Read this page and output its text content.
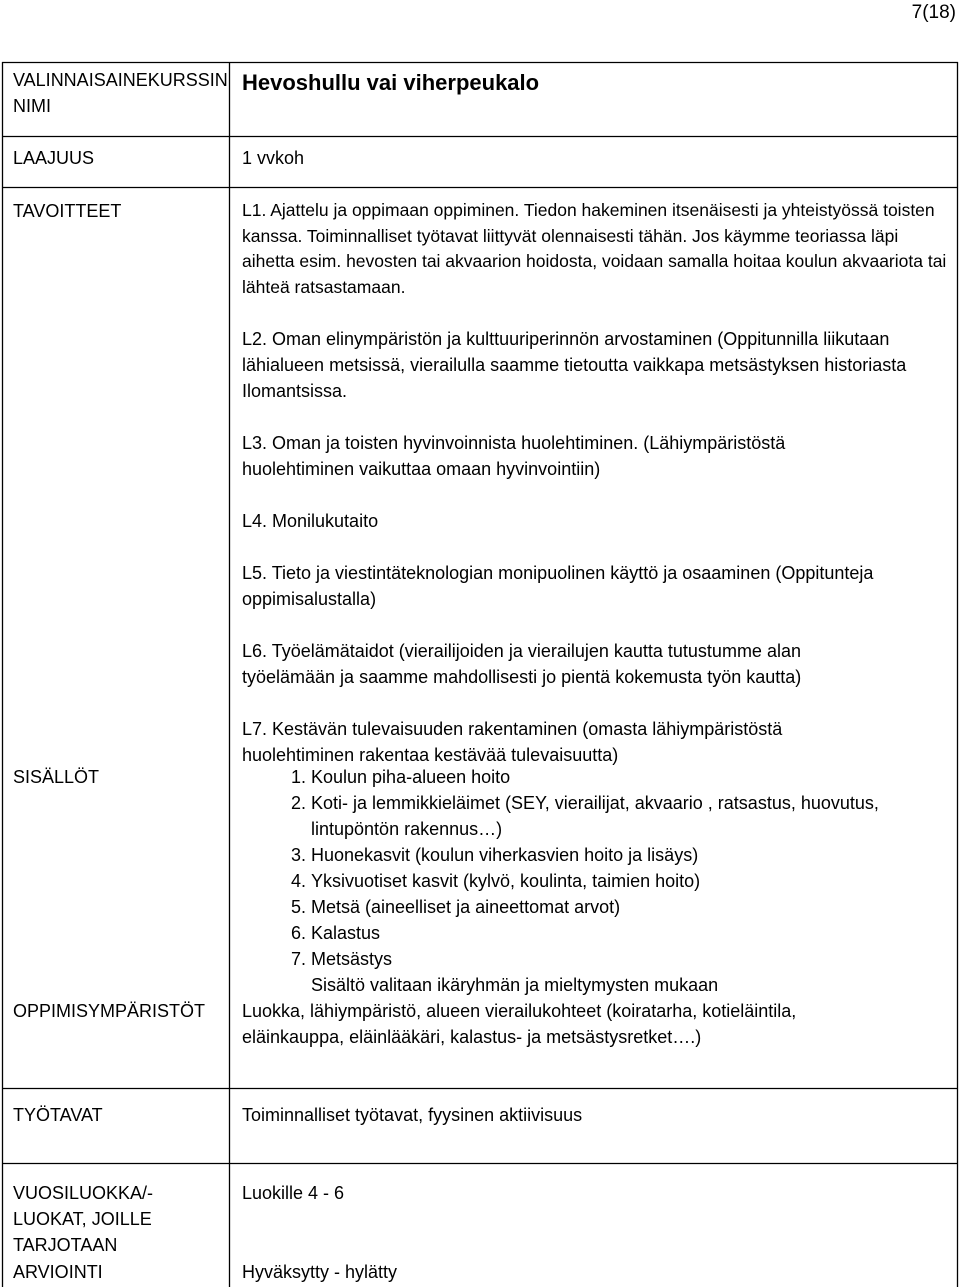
7(18)
VALINNAISAINEKURSSIN NIMI
Hevoshullu vai viherpeukalo
LAAJUUS	1 vvkoh
TAVOITTEET	L1. Ajattelu ja oppimaan oppiminen. Tiedon hakeminen itsenäisesti ja yhteistyössä toisten kanssa. Toiminnalliset työtavat liittyvät olennaisesti tähän. Jos käymme teoriassa läpi aihetta esim. hevosten tai akvaarion hoidosta, voidaan samalla hoitaa koulun akvaariota tai lähteä ratsastamaan.

L2. Oman elinympäristön ja kulttuuriperinnön arvostaminen (Oppitunnilla liikutaan lähialueen metsissä, vierailulla saamme tietoutta vaikkapa metsästyksen historiasta Ilomantsissa.

L3. Oman ja toisten hyvinvoinnista huolehtiminen. (Lähiympäristöstä huolehtiminen vaikuttaa omaan hyvinvointiin)

L4. Monilukutaito

L5. Tieto ja viestintäteknologian monipuolinen käyttö ja osaaminen (Oppitunteja oppimisalustalla)

L6. Työelämätaidot (vierailijoiden ja vierailujen kautta tutustumme alan työelämään ja saamme mahdollisesti jo pientä kokemusta työn kautta)

L7. Kestävän tulevaisuuden rakentaminen (omasta lähiympäristöstä huolehtiminen rakentaa kestävää tulevaisuutta)

SISÄLLÖT
1.	Koulun piha-alueen hoito
2. Koti- ja lemmikkieläimet (SEY, vierailijat, akvaario , ratsastus, huovutus, lintupöntön rakennus…)
3. Huonekasvit (koulun viherkasvien hoito ja lisäys)
4. Yksivuotiset kasvit (kylvö, koulinta, taimien hoito)
5. Metsä (aineelliset ja aineettomat arvot)
6. Kalastus
7. Metsästys

Sisältö valitaan ikäryhmän ja mieltymysten mukaan

OPPIMISYMPÄRISTÖT	Luokka, lähiympäristö, alueen vierailukohteet (koiratarha, kotieläintila, eläinkauppa, eläinlääkäri, kalastus- ja metsästysretket….)
TYÖTAVAT	Toiminnalliset työtavat, fyysinen aktiivisuus
VUOSILUOKKA/- LUOKAT, JOILLE TARJOTAAN
Luokille 4 - 6
ARVIOINTI	Hyväksytty - hylätty
